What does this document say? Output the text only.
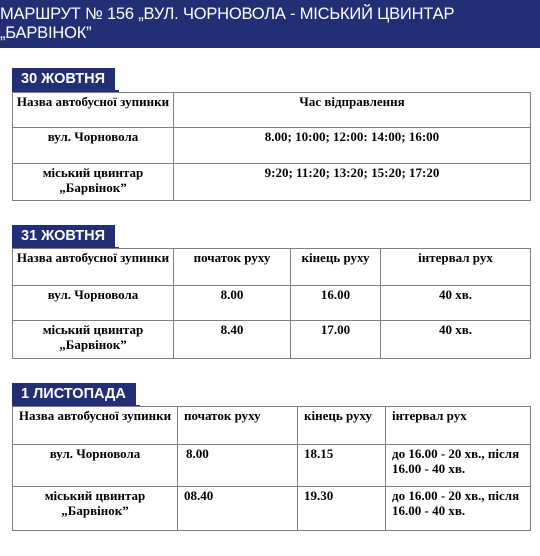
МАРШРУТ № 156 „ВУЛ. ЧОРНОВОЛА - МІСЬКИЙ ЦВИНТАР „БАРВІНОК”
30 ЖОВТНЯ
Назва автобусної зупинки	Час відправлення
вул. Чорновола	8.00; 10:00; 12:00: 14:00; 16:00
міський цвинтар „Барвінок”	9:20; 11:20; 13:20; 15:20; 17:20
31 ЖОВТНЯ
Назва автобусної зупинки	початок руху	кінець руху	інтервал рух
вул. Чорновола	8.00	16.00	40 хв.
міський цвинтар „Барвінок”	8.40	17.00	40 хв.
1 ЛИСТОПАДА
Назва автобусної зупинки	початок руху	кінець руху	інтервал рух
вул. Чорновола	8.00	18.15	до 16.00 - 20 хв., після 16.00 - 40 хв.
міський цвинтар „Барвінок”	08.40	19.30	до 16.00 - 20 хв., після 16.00 - 40 хв.
